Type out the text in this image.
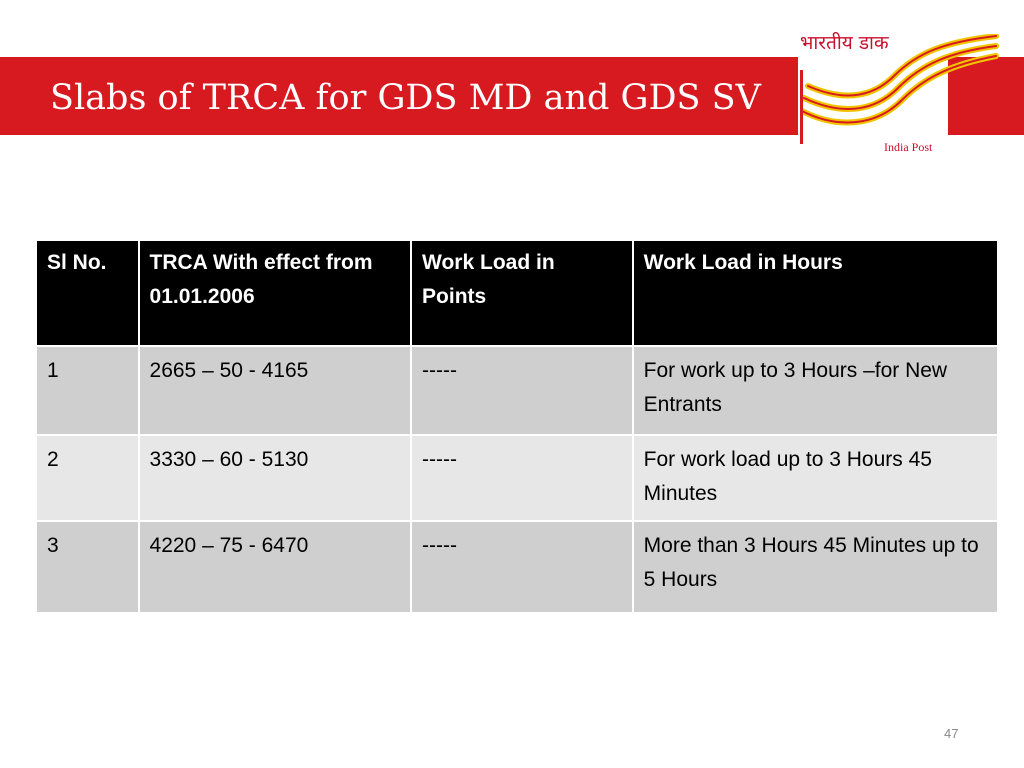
Slabs of TRCA for GDS MD and GDS SV
भारतीय डाक
India Post
Sl No.	TRCA With effect from 01.01.2006	Work Load in Points	Work Load in Hours
1	2665 – 50 - 4165	-----	For work up to 3 Hours –for New Entrants
2	3330 – 60 - 5130	-----	For work load up to 3 Hours 45 Minutes
3	4220 – 75 - 6470	-----	More than 3 Hours 45 Minutes up to 5 Hours
47
